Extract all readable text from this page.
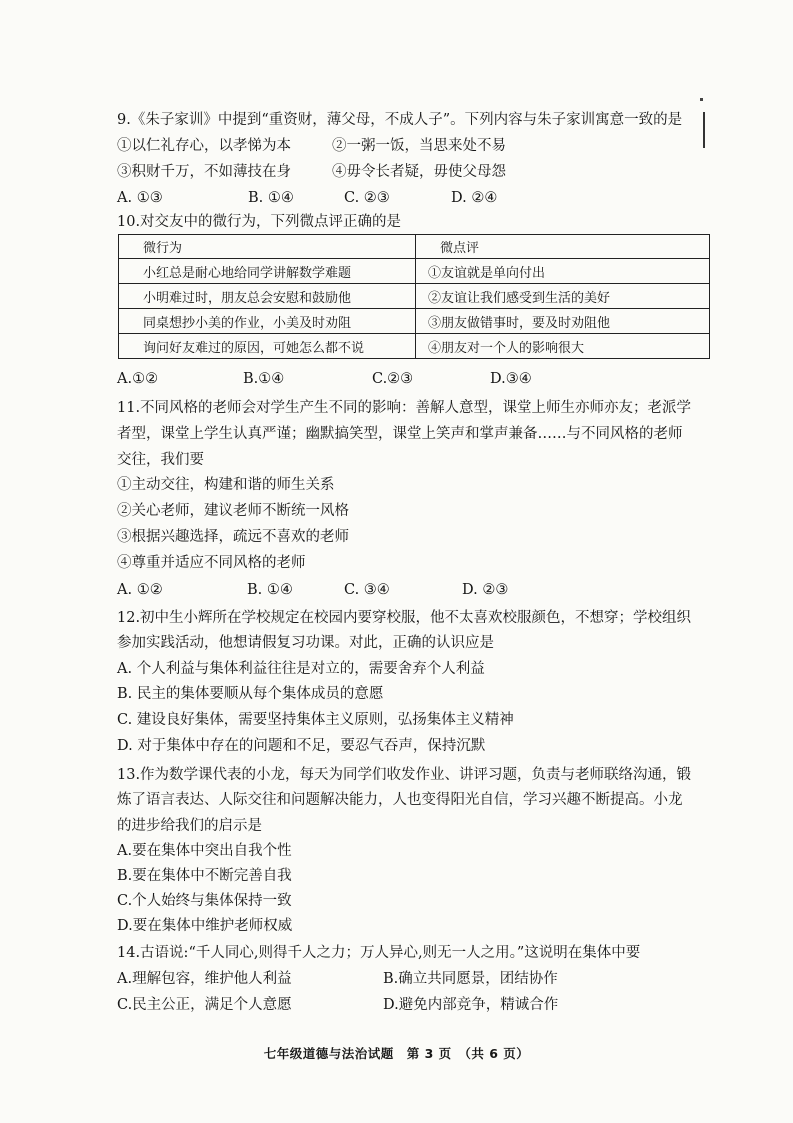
9.《朱子家训》中提到“重资财，薄父母，不成人子”。下列内容与朱子家训寓意一致的是
①以仁礼存心，以孝悌为本	②一粥一饭，当思来处不易
③积财千万，不如薄技在身	④毋令长者疑，毋使父母怨
A. ①③	B. ①④	C. ②③	D. ②④
10.对交友中的微行为，下列微点评正确的是
微行为	微点评
小红总是耐心地给同学讲解数学难题	①友谊就是单向付出
小明难过时，朋友总会安慰和鼓励他	②友谊让我们感受到生活的美好
同桌想抄小美的作业，小美及时劝阻	③朋友做错事时，要及时劝阻他
询问好友难过的原因，可她怎么都不说	④朋友对一个人的影响很大
A.①②	B.①④	C.②③	D.③④
11.不同风格的老师会对学生产生不同的影响：善解人意型，课堂上师生亦师亦友；老派学
者型，课堂上学生认真严谨；幽默搞笑型，课堂上笑声和掌声兼备……与不同风格的老师
交往，我们要
①主动交往，构建和谐的师生关系
②关心老师，建议老师不断统一风格
③根据兴趣选择，疏远不喜欢的老师
④尊重并适应不同风格的老师
A. ①②	B. ①④	C. ③④	D. ②③
12.初中生小辉所在学校规定在校园内要穿校服，他不太喜欢校服颜色，不想穿；学校组织
参加实践活动，他想请假复习功课。对此，正确的认识应是
A. 个人利益与集体利益往往是对立的，需要舍弃个人利益
B. 民主的集体要顺从每个集体成员的意愿
C. 建设良好集体，需要坚持集体主义原则，弘扬集体主义精神
D. 对于集体中存在的问题和不足，要忍气吞声，保持沉默
13.作为数学课代表的小龙，每天为同学们收发作业、讲评习题，负责与老师联络沟通，锻
炼了语言表达、人际交往和问题解决能力，人也变得阳光自信，学习兴趣不断提高。小龙
的进步给我们的启示是
A.要在集体中突出自我个性
B.要在集体中不断完善自我
C.个人始终与集体保持一致
D.要在集体中维护老师权威
14.古语说:“千人同心,则得千人之力；万人异心,则无一人之用。”这说明在集体中要
A.理解包容，维护他人利益	B.确立共同愿景，团结协作
C.民主公正，满足个人意愿	D.避免内部竞争，精诚合作
七年级道德与法治试题　第 3 页　（共 6 页）
